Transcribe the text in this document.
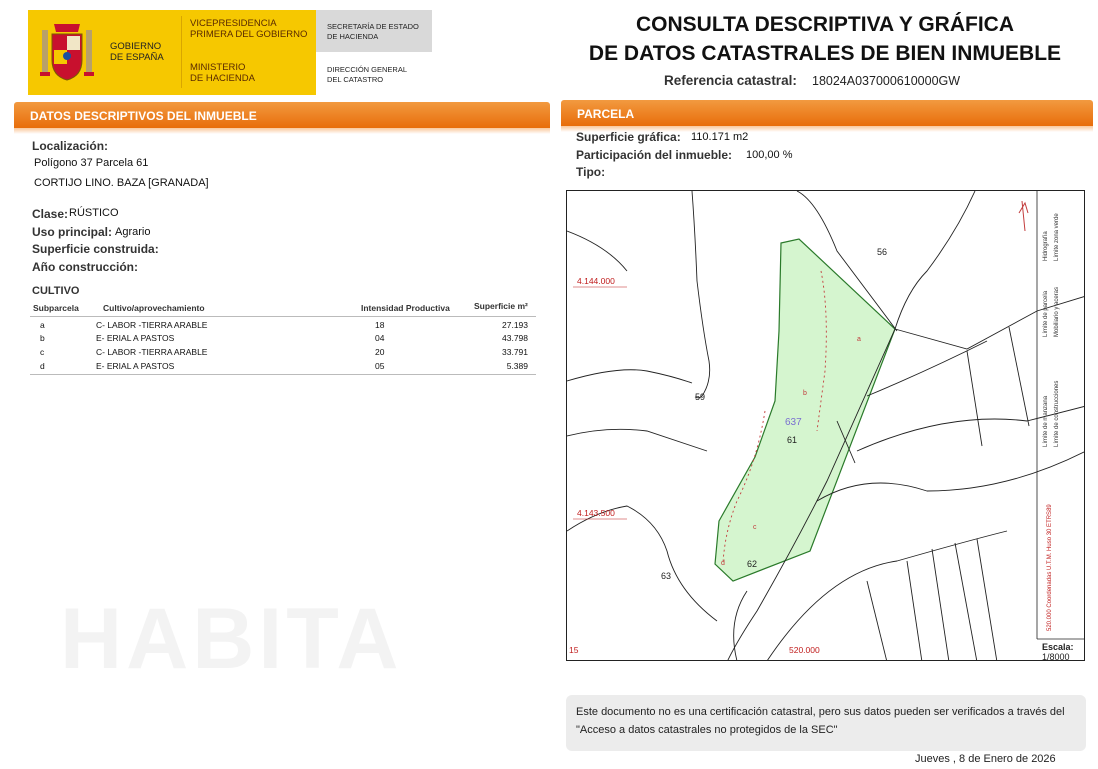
GOBIERNO
DE ESPAÑA
VICEPRESIDENCIA
PRIMERA DEL GOBIERNO
MINISTERIO
DE HACIENDA
SECRETARÍA DE ESTADO
DE HACIENDA
DIRECCIÓN GENERAL
DEL CATASTRO
CONSULTA DESCRIPTIVA Y GRÁFICA
DE DATOS CATASTRALES DE BIEN INMUEBLE
Referencia catastral: 18024A037000610000GW
HABITA
DATOS DESCRIPTIVOS DEL INMUEBLE
Localización:
Polígono 37 Parcela 61
CORTIJO LINO. BAZA [GRANADA]
Clase: RÚSTICO
Uso principal: Agrario
Superficie construida:
Año construcción:
CULTIVO
Subparcela	Cultivo/aprovechamiento	Intensidad Productiva	Superficie m²
a	C- LABOR -TIERRA ARABLE	18	27.193
b	E- ERIAL A PASTOS	04	43.798
c	C- LABOR -TIERRA ARABLE	20	33.791
d	E- ERIAL A PASTOS	05	5.389
PARCELA
Superficie gráfica: 110.171 m2
Participación del inmueble: 100,00 %
Tipo:
56
59
637
61
63
62
a
b
c
d
4.144.000
4.143.500
520.000
15
Límite de parcela
Límite de manzana
Mobiliario y aceras
Límite de construcciones
Hidrografía Límite zona verde
520.000 Coordenadas U.T.M. Huso 30 ETRS89
Escala:
1/8000
Este documento no es una certificación catastral, pero sus datos pueden ser verificados a través del "Acceso a datos catastrales no protegidos de la SEC"
Jueves , 8 de Enero de 2026
